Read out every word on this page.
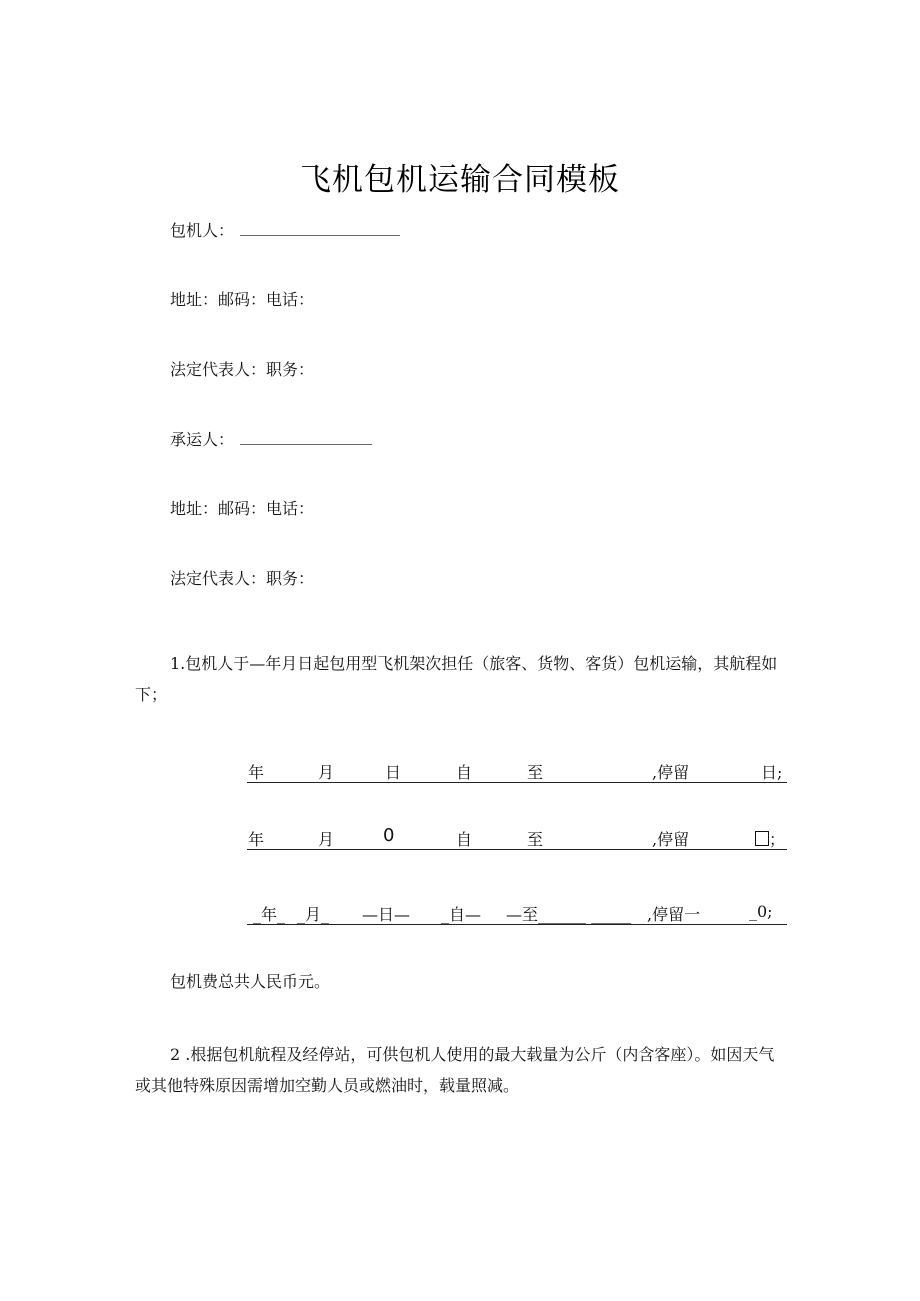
飞机包机运输合同模板
包机人：
地址：邮码：电话：
法定代表人：职务：
承运人：
地址：邮码：电话：
法定代表人：职务：
1.包机人于—年月日起包用型飞机架次担任（旅客、货物、客货）包机运输，其航程如下；
年	月	日	自	至	,停留	日;
年	月	0	自	至	,停留	；
_年_ _月_ —日— _自— —至______ _____ ,停留一	_0;
包机费总共人民币元。
2 .根据包机航程及经停站，可供包机人使用的最大载量为公斤（内含客座）。如因天气或其他特殊原因需增加空勤人员或燃油时，载量照减。
